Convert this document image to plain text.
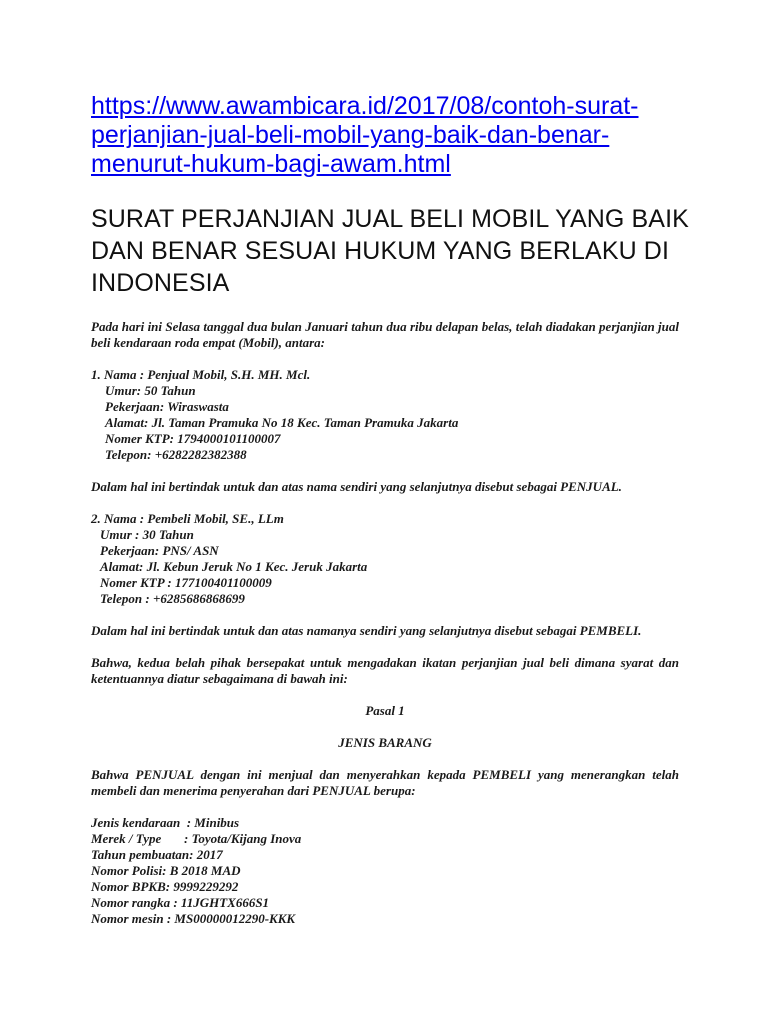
https://www.awambicara.id/2017/08/contoh-surat-
perjanjian-jual-beli-mobil-yang-baik-dan-benar-
menurut-hukum-bagi-awam.html
SURAT PERJANJIAN JUAL BELI MOBIL YANG BAIK
DAN BENAR SESUAI HUKUM YANG BERLAKU DI
INDONESIA

Pada hari ini Selasa tanggal dua bulan Januari tahun dua ribu delapan belas, telah diadakan perjanjian jual beli kendaraan roda empat (Mobil), antara:

1. Nama : Penjual Mobil, S.H. MH. Mcl.
Umur: 50 Tahun
Pekerjaan: Wiraswasta
Alamat: Jl. Taman Pramuka No 18 Kec. Taman Pramuka Jakarta
Nomer KTP: 1794000101100007
Telepon: +6282282382388

Dalam hal ini bertindak untuk dan atas nama sendiri yang selanjutnya disebut sebagai PENJUAL.

2. Nama : Pembeli Mobil, SE., LLm
Umur : 30 Tahun
Pekerjaan: PNS/ ASN
Alamat: Jl. Kebun Jeruk No 1 Kec. Jeruk Jakarta
Nomer KTP : 177100401100009
Telepon : +6285686868699

Dalam hal ini bertindak untuk dan atas namanya sendiri yang selanjutnya disebut sebagai PEMBELI.

Bahwa, kedua belah pihak bersepakat untuk mengadakan ikatan perjanjian jual beli dimana syarat dan ketentuannya diatur sebagaimana di bawah ini:

Pasal 1

JENIS BARANG

Bahwa PENJUAL dengan ini menjual dan menyerahkan kepada PEMBELI yang menerangkan telah membeli dan menerima penyerahan dari PENJUAL berupa:

Jenis kendaraan  : Minibus
Merek / Type       : Toyota/Kijang Inova
Tahun pembuatan: 2017
Nomor Polisi: B 2018 MAD
Nomor BPKB: 9999229292
Nomor rangka : 11JGHTX666S1
Nomor mesin : MS00000012290-KKK
